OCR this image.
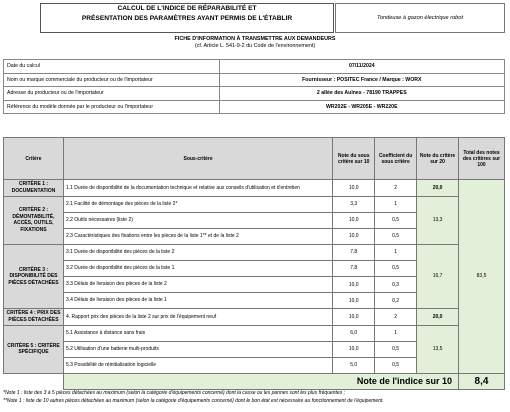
CALCUL DE L'INDICE DE RÉPARABILITÉ ET
PRÉSENTATION DES PARAMÈTRES AYANT PERMIS DE L'ÉTABLIR	Tondeuse à gazon électrique robot
FICHE D'INFORMATION À TRANSMETTRE AUX DEMANDEURS
(cf. Article L. 541-9-2 du Code de l'environnement)
Date du calcul	07/11/2024
Nom ou marque commerciale du producteur ou de l'importateur	Fournisseur : POSITEC France / Marque : WORX
Adresse du producteur ou de l'importateur	2 allée des Aulnes - 78190 TRAPPES
Référence du modèle donnée par le producteur ou l'importateur	WR202E - WR205E - WR220E
Critère	Sous-critère	Note du sous critère sur 10	Coefficient du sous critère	Note du critère sur 20	Total des notes des critères sur 100
CRITÈRE 1 : DOCUMENTATION	1.1 Durée de disponibilité de la documentation technique et relative aux conseils d'utilisation et d'entretien	10,0	2	20,0	83,5
CRITÈRE 2 : DÉMONTABILITÉ, ACCÈS, OUTILS, FIXATIONS	2.1 Facilité de démontage des pièces de la liste 2*	3,3	1	13,3	
	2.2 Outils nécessaires (liste 2)	10,0	0,5		
	2.3 Caractéristiques des fixations entre les pièces de la liste 1** et de la liste 2	10,0	0,5		
CRITÈRE 3 : DISPONIBILITÉ DES PIÈCES DÉTACHÉES	3.1 Durée de disponibilité des pièces de la liste 2	7,8	1	16,7	
	3.2 Durée de disponibilité des pièces de la liste 1	7,8	0,5		
	3.3 Délais de livraison des pièces de la liste 2	10,0	0,3		
	3.4 Délais de livraison des pièces de la liste 1	10,0	0,2		
CRITÈRE 4 : PRIX DES PIÈCES DÉTACHÉES	4. Rapport prix des pièces de la liste 2 sur prix de l'équipement neuf	10,0	2	20,0	
CRITÈRE 5 : CRITÈRE SPÉCIFIQUE	5.1 Assistance à distance sans frais	6,0	1	13,5	
	5.2 Utilisation d'une batterie multi-produits	10,0	0,5		
	5.3 Possibilité de réinitialisation logicielle	5,0	0,5		
	Note de l'indice sur 10				8,4
*Note 1 : liste des 3 à 5 pièces détachées au maximum (selon la catégorie d'équipements concerné) dont la casse ou les pannes sont les plus fréquentes ;
**Note 1 : liste de 10 autres pièces détachées au maximum (selon la catégorie d'équipements concerné) dont le bon état est nécessaire au fonctionnement de l'équipement.
